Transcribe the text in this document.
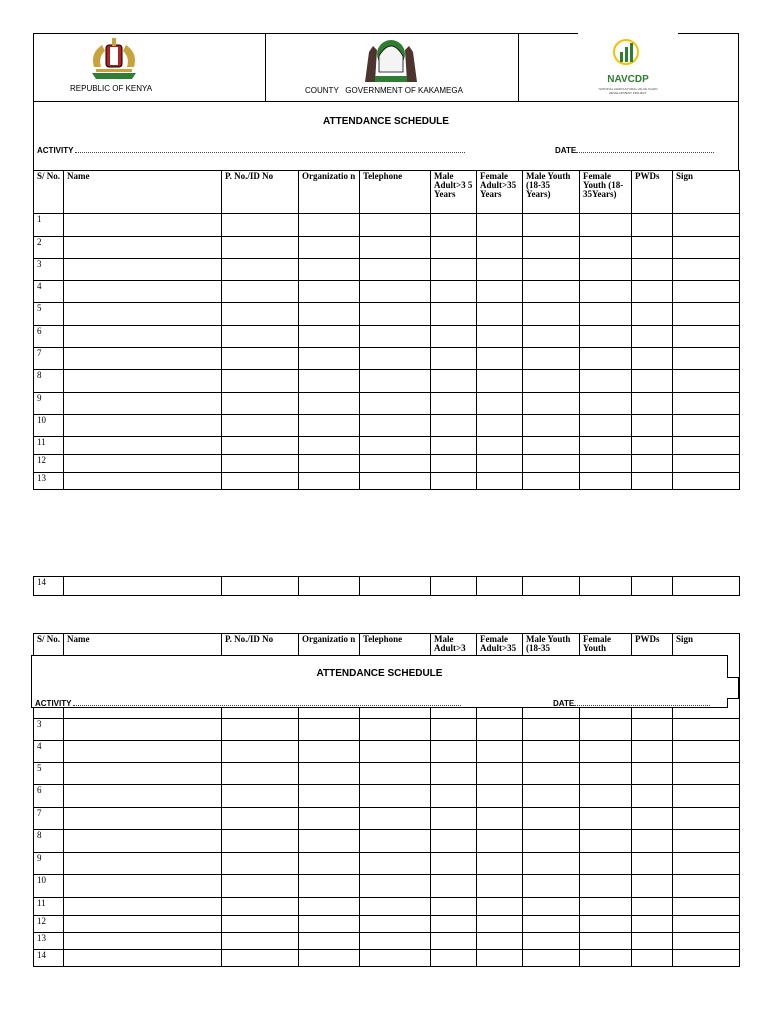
REPUBLIC OF KENYA	COUNTY   GOVERNMENT OF KAKAMEGA
NAVCDP
NATIONAL AGRICULTURAL VALUE CHAIN DEVELOPMENT PROJECT
ATTENDANCE SCHEDULE
ACTIVITY	DATE
S/ No.	Name	P. No./ID No	Organizatio n	Telephone	Male Adult>3 5 Years	Female Adult>35 Years	Male Youth (18-35 Years)	Female Youth (18- 35Years)	PWDs	Sign
1										
2										
3										
4										
5										
6										
7										
8										
9										
10										
11										
12										
13										
14										
S/ No.	Name	P. No./ID No	Organizatio n	Telephone	Male Adult>3	Female Adult>35	Male Youth (18-35	Female Youth	PWDs	Sign
3										
4										
5										
6										
7										
8										
9										
10										
11										
12										
13										
14										
ATTENDANCE SCHEDULE
ACTIVITY	DATE
